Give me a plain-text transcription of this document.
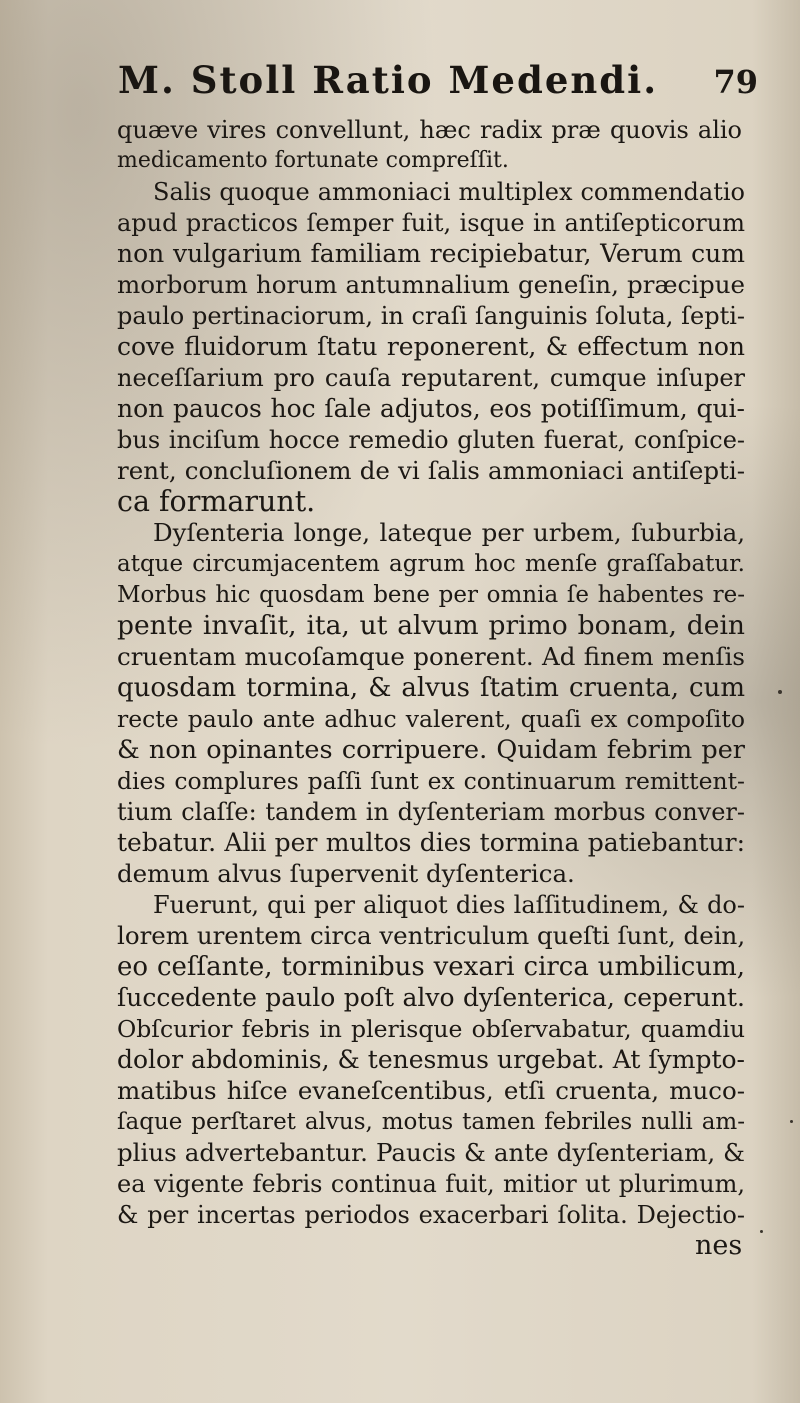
M. Stoll Ratio Medendi. 79
quæve vires convellunt, hæc radix præ quovis alio
medicamento fortunate compreſſit.
Salis quoque ammoniaci multiplex commendatio
apud practicos ſemper fuit, isque in antiſepticorum
non vulgarium familiam recipiebatur, Verum cum
morborum horum antumnalium geneſin, præcipue
paulo pertinaciorum, in craſi ſanguinis ſoluta, ſepti-
cove fluidorum ſtatu reponerent, & effectum non
neceſſarium pro cauſa reputarent, cumque inſuper
non paucos hoc ſale adjutos, eos potiſſimum, qui-
bus inciſum hocce remedio gluten fuerat, conſpice-
rent, concluſionem de vi ſalis ammoniaci antiſepti-
ca formarunt.
Dyſenteria longe, lateque per urbem, ſuburbia,
atque circumjacentem agrum hoc menſe graſſabatur.
Morbus hic quosdam bene per omnia ſe habentes re-
pente invaſit, ita, ut alvum primo bonam, dein
cruentam mucoſamque ponerent. Ad finem menſis
quosdam tormina, & alvus ſtatim cruenta, cum
recte paulo ante adhuc valerent, quaſi ex compoſito
& non opinantes corripuere. Quidam febrim per
dies complures paſſi ſunt ex continuarum remittent-
tium claſſe: tandem in dyſenteriam morbus conver-
tebatur. Alii per multos dies tormina patiebantur:
demum alvus ſupervenit dyſenterica.
Fuerunt, qui per aliquot dies laſſitudinem, & do-
lorem urentem circa ventriculum queſti ſunt, dein,
eo ceſſante, torminibus vexari circa umbilicum,
ſuccedente paulo poſt alvo dyſenterica, ceperunt.
Obſcurior febris in plerisque obſervabatur, quamdiu
dolor abdominis, & tenesmus urgebat. At ſympto-
matibus hiſce evaneſcentibus, etſi cruenta, muco-
ſaque perſtaret alvus, motus tamen febriles nulli am-
plius advertebantur. Paucis & ante dyſenteriam, &
ea vigente febris continua fuit, mitior ut plurimum,
& per incertas periodos exacerbari ſolita. Dejectio-
nes
